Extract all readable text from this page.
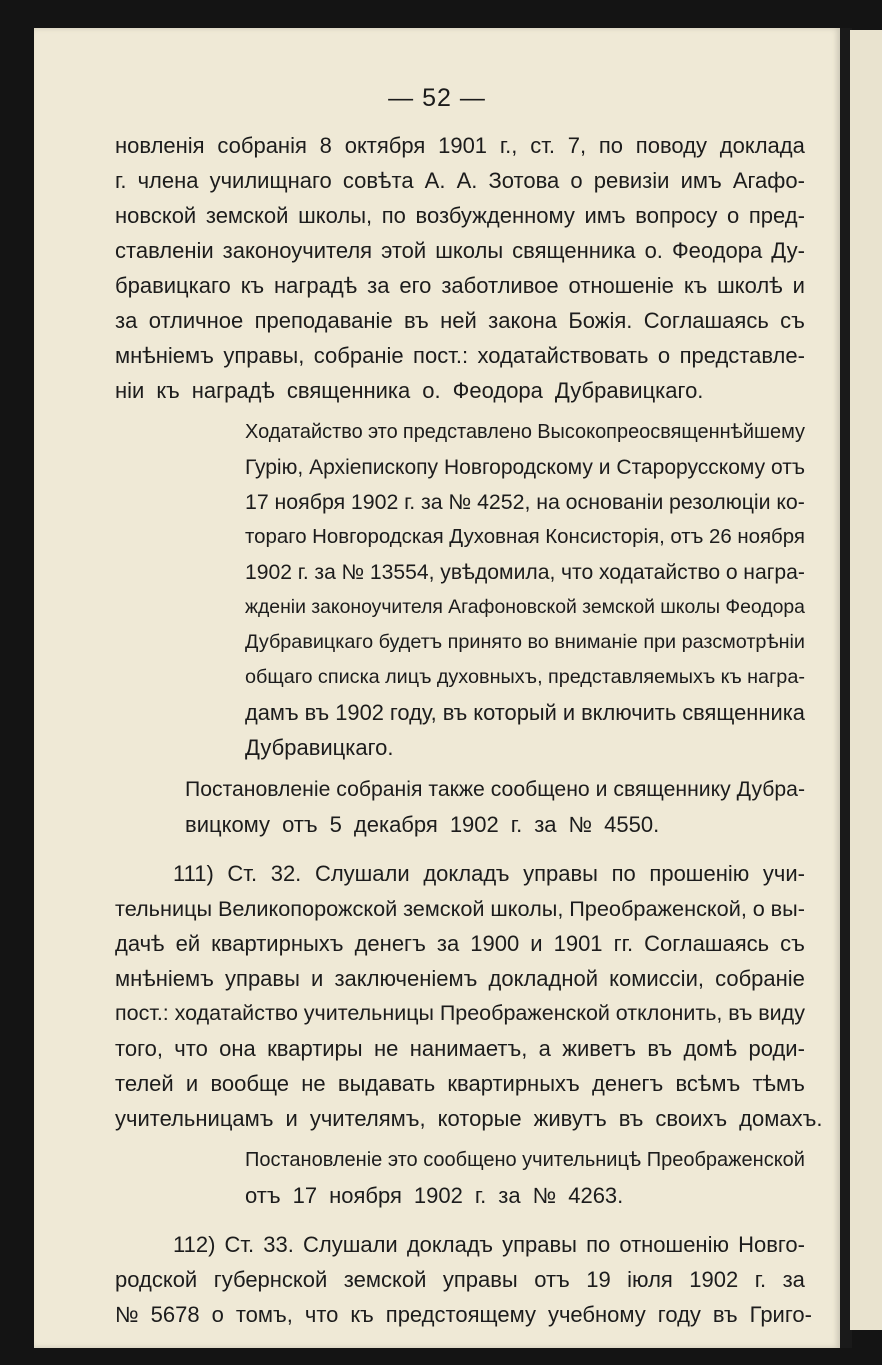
— 52 —
новленія собранія 8 октября 1901 г., ст. 7, по поводу доклада
г. члена училищнаго совѣта А. А. Зотова о ревизіи имъ Агафо-
новской земской школы, по возбужденному имъ вопросу о пред-
ставленіи законоучителя этой школы священника о. Феодора Ду-
бравицкаго къ наградѣ за его заботливое отношеніе къ школѣ и
за отличное преподаваніе въ ней закона Божія. Соглашаясь съ
мнѣніемъ управы, собраніе пост.: ходатайствовать о представле-
ніи къ наградѣ священника о. Феодора Дубравицкаго.
Ходатайство это представлено Высокопреосвященнѣйшему
Гурію, Архіепископу Новгородскому и Старорусскому отъ
17 ноября 1902 г. за № 4252, на основаніи резолюціи ко-
тораго Новгородская Духовная Консисторія, отъ 26 ноября
1902 г. за № 13554, увѣдомила, что ходатайство о награ-
жденіи законоучителя Агафоновской земской школы Феодора
Дубравицкаго будетъ принято во вниманіе при разсмотрѣніи
общаго списка лицъ духовныхъ, представляемыхъ къ награ-
дамъ въ 1902 году, въ который и включить священника
Дубравицкаго.
Постановленіе собранія также сообщено и священнику Дубра-
вицкому отъ 5 декабря 1902 г. за № 4550.
111) Ст. 32. Слушали докладъ управы по прошенію учи-
тельницы Великопорожской земской школы, Преображенской, о вы-
дачѣ ей квартирныхъ денегъ за 1900 и 1901 гг. Соглашаясь съ
мнѣніемъ управы и заключеніемъ докладной комиссіи, собраніе
пост.: ходатайство учительницы Преображенской отклонить, въ виду
того, что она квартиры не нанимаетъ, а живетъ въ домѣ роди-
телей и вообще не выдавать квартирныхъ денегъ всѣмъ тѣмъ
учительницамъ и учителямъ, которые живутъ въ своихъ домахъ.
Постановленіе это сообщено учительницѣ Преображенской
отъ 17 ноября 1902 г. за № 4263.
112) Ст. 33. Слушали докладъ управы по отношенію Новго-
родской губернской земской управы отъ 19 іюля 1902 г. за
№ 5678 о томъ, что къ предстоящему учебному году въ Григо-
